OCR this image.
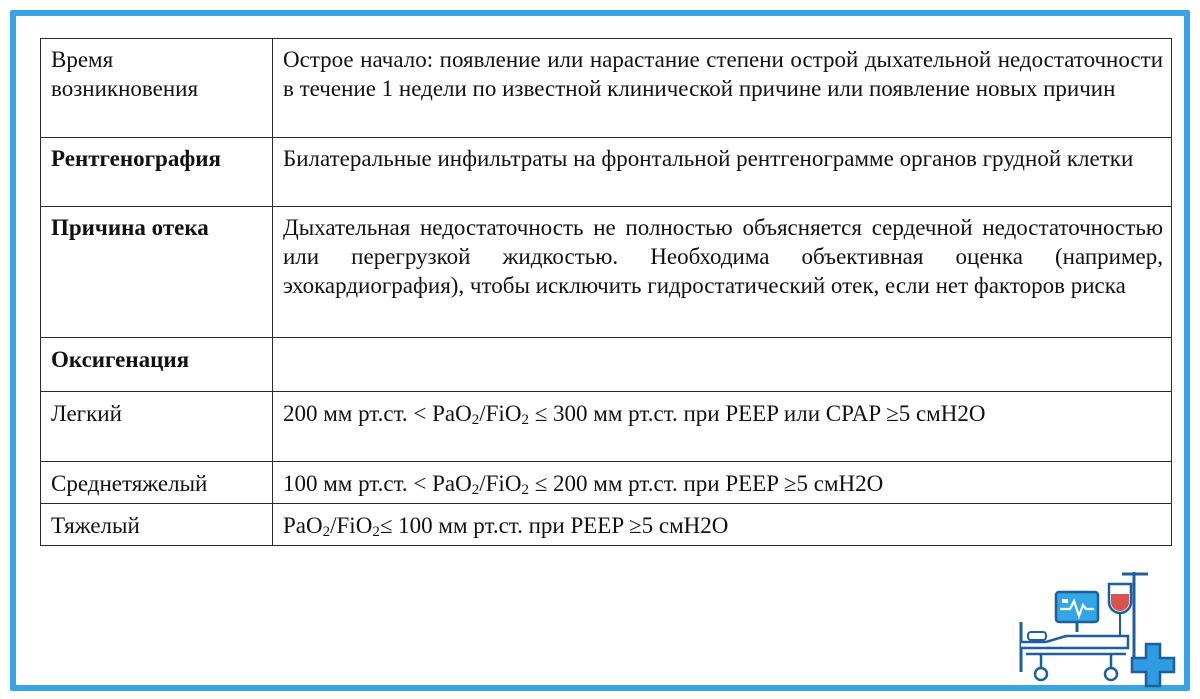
Время возникновения	Острое начало: появление или нарастание степени острой дыхательной недостаточности в течение 1 недели по известной клинической причине или появление новых причин
Рентгенография	Билатеральные инфильтраты на фронтальной рентгенограмме органов грудной клетки
Причина отека	Дыхательная недостаточность не полностью объясняется сердечной недостаточностью или перегрузкой жидкостью. Необходима объективная оценка (например, эхокардиография), чтобы исключить гидростатический отек, если нет факторов риска
Оксигенация	
Легкий	200 мм рт.ст. < PaO$_2$/FiO$_2$ ≤ 300 мм рт.ст. при PEEP или CPAP ≥5 смH2O
Среднетяжелый	100 мм рт.ст. < PaO$_2$/FiO$_2$ ≤ 200 мм рт.ст. при PEEP ≥5 смH2O
Тяжелый	PaO$_2$/FiO$_2$≤ 100 мм рт.ст. при PEEP ≥5 смH2O
